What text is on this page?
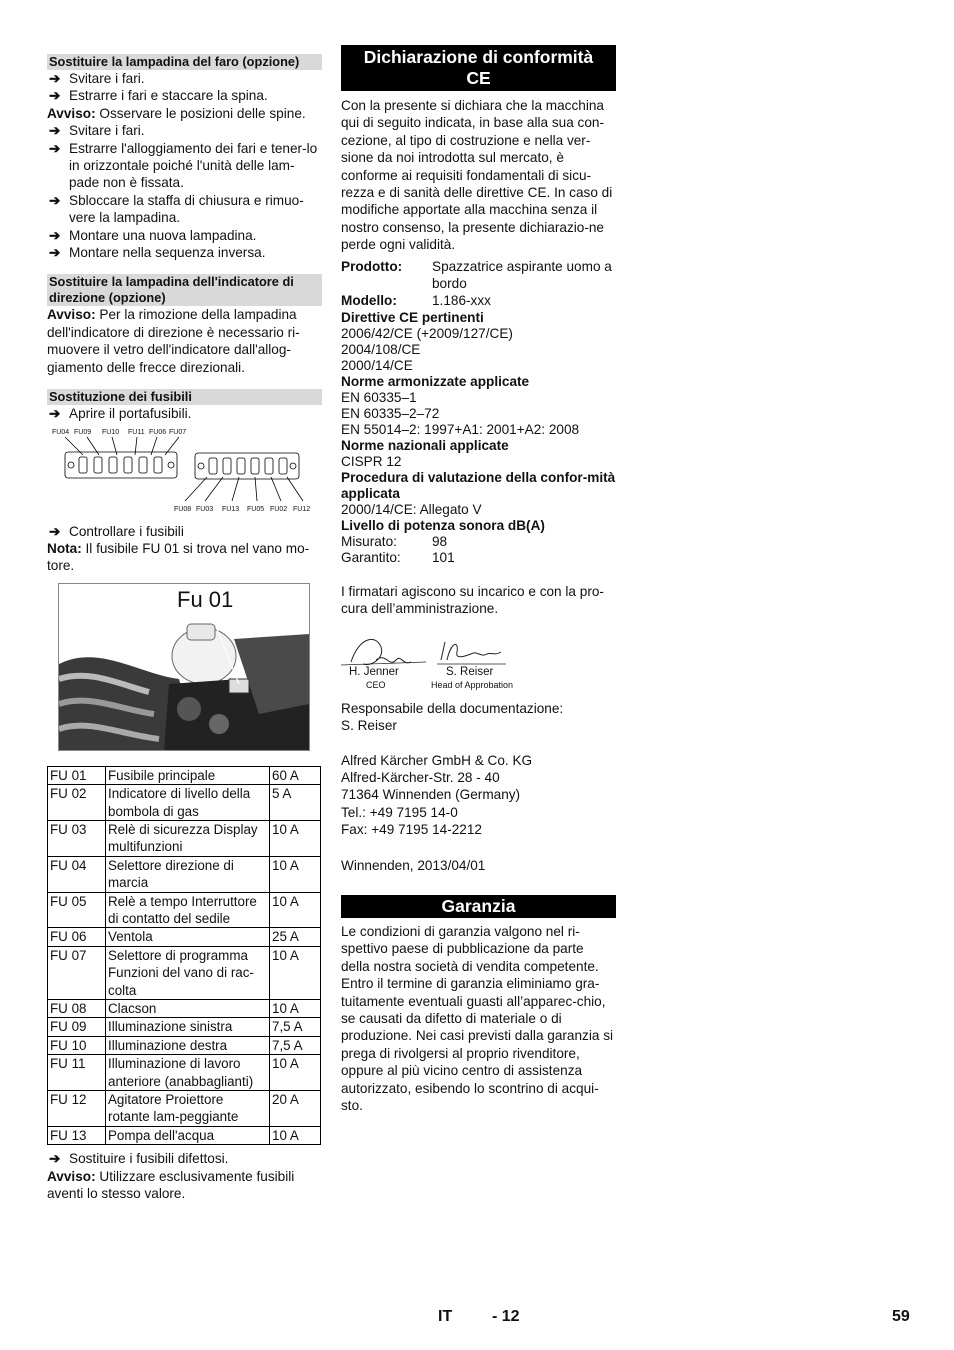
Sostituire la lampadina del faro (opzione)
➔ Svitare i fari.
➔ Estrarre i fari e staccare la spina.

Avviso: Osservare le posizioni delle spine.

➔ Svitare i fari.
➔ Estrarre l'alloggiamento dei fari e tener-lo in orizzontale poiché l'unità delle lam-pade non è fissata.
➔ Sbloccare la staffa di chiusura e rimuo-vere la lampadina.
➔ Montare una nuova lampadina.
➔ Montare nella sequenza inversa.
Sostituire la lampadina dell'indicatore di direzione (opzione)

Avviso: Per la rimozione della lampadina dell'indicatore di direzione è necessario ri-muovere il vetro dell'indicatore dall'allog-giamento delle frecce direzionali.

Sostituzione dei fusibili
➔ Aprire il portafusibili.
FU04 FU09 FU10 FU11 FU06 FU07
FU08 FU03 FU13 FU05 FU02 FU12
➔ Controllare i fusibili

Nota: Il fusibile FU 01 si trova nel vano mo-tore.

Fu 01
FU 01	Fusibile principale	60 A
FU 02	Indicatore di livello della bombola di gas	5 A
FU 03	Relè di sicurezza Display multifunzioni	10 A
FU 04	Selettore direzione di marcia	10 A
FU 05	Relè a tempo Interruttore di contatto del sedile	10 A
FU 06	Ventola	25 A
FU 07	Selettore di programma Funzioni del vano di rac-colta	10 A
FU 08	Clacson	10 A
FU 09	Illuminazione sinistra	7,5 A
FU 10	Illuminazione destra	7,5 A
FU 11	Illuminazione di lavoro anteriore (anabbaglianti)	10 A
FU 12	Agitatore Proiettore rotante lam-peggiante	20 A
FU 13	Pompa dell'acqua	10 A
➔ Sostituire i fusibili difettosi.

Avviso: Utilizzare esclusivamente fusibili aventi lo stesso valore.

Dichiarazione di conformità
CE

Con la presente si dichiara che la macchina qui di seguito indicata, in base alla sua con-cezione, al tipo di costruzione e nella ver-sione da noi introdotta sul mercato, è conforme ai requisiti fondamentali di sicu-rezza e di sanità delle direttive CE. In caso di modifiche apportate alla macchina senza il nostro consenso, la presente dichiarazio-ne perde ogni validità.

Prodotto:	Spazzatrice aspirante uomo a bordo
Modello:	1.186-xxx
Direttive CE pertinenti
2006/42/CE (+2009/127/CE)
2004/108/CE
2000/14/CE
Norme armonizzate applicate
EN 60335–1
EN 60335–2–72
EN 55014–2: 1997+A1: 2001+A2: 2008
Norme nazionali applicate
CISPR 12
Procedura di valutazione della confor-mità applicata
2000/14/CE: Allegato V
Livello di potenza sonora dB(A)
Misurato:	98
Garantito:	101

I firmatari agiscono su incarico e con la pro-cura dell’amministrazione.

H. Jenner
CEO
S. Reiser
Head of Approbation

Responsabile della documentazione:

S. Reiser

Alfred Kärcher GmbH & Co. KG
Alfred-Kärcher-Str. 28 - 40
71364 Winnenden (Germany)
Tel.: +49 7195 14-0
Fax: +49 7195 14-2212

Winnenden, 2013/04/01

Garanzia

Le condizioni di garanzia valgono nel ri-spettivo paese di pubblicazione da parte della nostra società di vendita competente. Entro il termine di garanzia eliminiamo gra-tuitamente eventuali guasti all’apparec-chio, se causati da difetto di materiale o di produzione. Nei casi previsti dalla garanzia si prega di rivolgersi al proprio rivenditore, oppure al più vicino centro di assistenza autorizzato, esibendo lo scontrino di acqui-sto.

IT - 12	59
